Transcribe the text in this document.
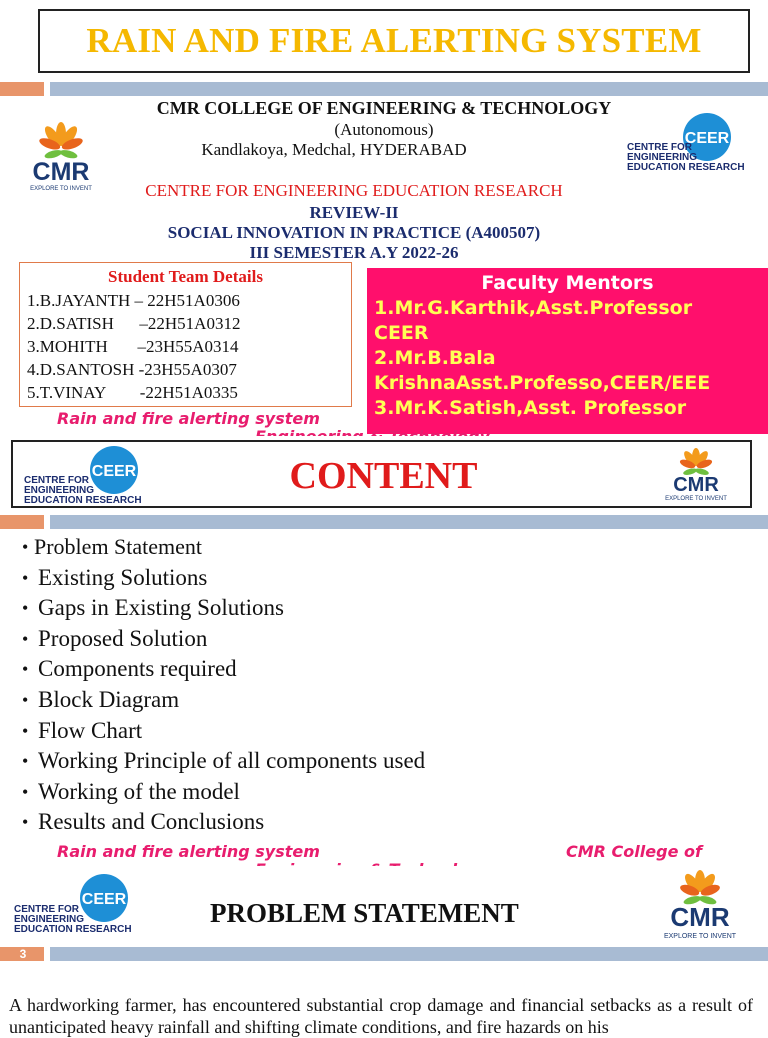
RAIN AND FIRE ALERTING SYSTEM
CMR
EXPLORE TO INVENT
CEER
CENTRE FOR
ENGINEERING
EDUCATION RESEARCH
CMR COLLEGE OF ENGINEERING & TECHNOLOGY
(Autonomous)
Kandlakoya, Medchal, HYDERABAD
CENTRE FOR ENGINEERING EDUCATION RESEARCH
REVIEW-II
SOCIAL INNOVATION IN PRACTICE (A400507)
III SEMESTER A.Y 2022-26
Student Team Details
1.B.JAYANTH – 22H51A0306
2.D.SATISH      –22H51A0312
3.MOHITH       –23H55A0314
4.D.SANTOSH -23H55A0307
5.T.VINAY        -22H51A0335
Faculty Mentors
1.Mr.G.Karthik,Asst.Professor
CEER
2.Mr.B.Bala
KrishnaAsst.Professo,CEER/EEE
3.Mr.K.Satish,Asst. Professor
Rain and fire alerting system
CONTENT
CEER
CENTRE FOR
ENGINEERING
EDUCATION RESEARCH
CMR
EXPLORE TO INVENT
• Problem Statement
• Existing Solutions
• Gaps in Existing Solutions
• Proposed Solution
• Components required
• Block Diagram
• Flow Chart
• Working Principle of all components used
• Working of the model
• Results and Conclusions
Rain and fire alerting system	CMR College of
CEER
CENTRE FOR
ENGINEERING
EDUCATION RESEARCH
PROBLEM STATEMENT	CMR
EXPLORE TO INVENT
3
A hardworking farmer, has encountered substantial crop damage and financial setbacks as a result of unanticipated heavy rainfall and shifting climate conditions, and fire hazards on his
